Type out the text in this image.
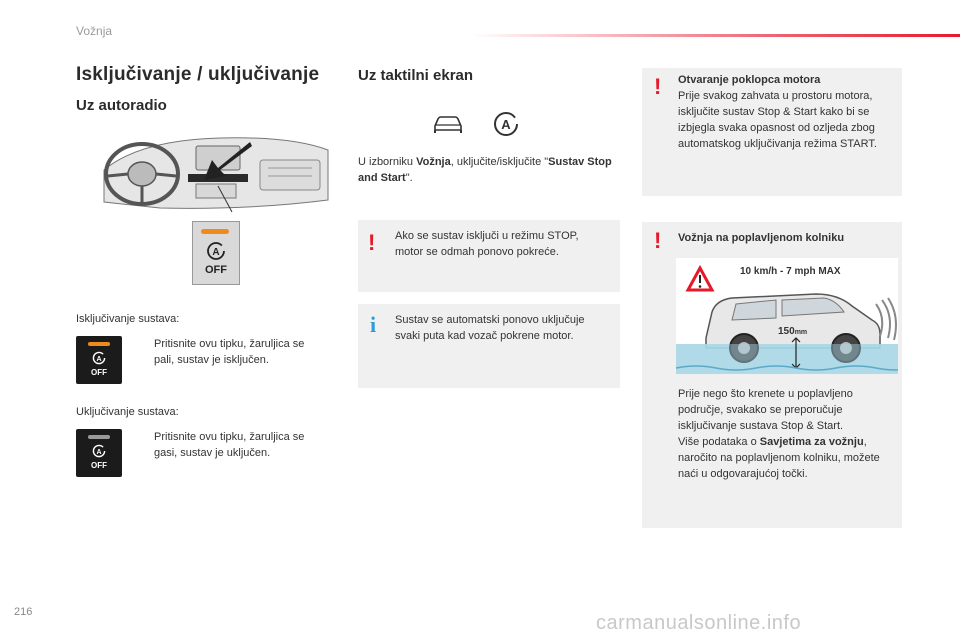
Vožnja
Isključivanje / uključivanje
Uz autoradio
A
OFF
Isključivanje sustava:
A
OFF
Pritisnite ovu tipku, žaruljica se pali, sustav je isključen.
Uključivanje sustava:
A
OFF
Pritisnite ovu tipku, žaruljica se gasi, sustav je uključen.
Uz taktilni ekran
A
U izborniku Vožnja, uključite/isključite "Sustav Stop and Start".
! Ako se sustav isključi u režimu STOP, motor se odmah ponovo pokreće.
i Sustav se automatski ponovo uključuje svaki puta kad vozač pokrene motor.
! Otvaranje poklopca motora
Prije svakog zahvata u prostoru motora, isključite sustav Stop & Start kako bi se izbjegla svaka opasnost od ozljeda zbog automatskog uključivanja režima START.
! Vožnja na poplavljenom kolniku
10 km/h - 7 mph MAX
150mm
Prije nego što krenete u poplavljeno područje, svakako se preporučuje isključivanje sustava Stop & Start.
Više podataka o Savjetima za vožnju, naročito na poplavljenom kolniku, možete naći u odgovarajućoj točki.
216	carmanualsonline.info
